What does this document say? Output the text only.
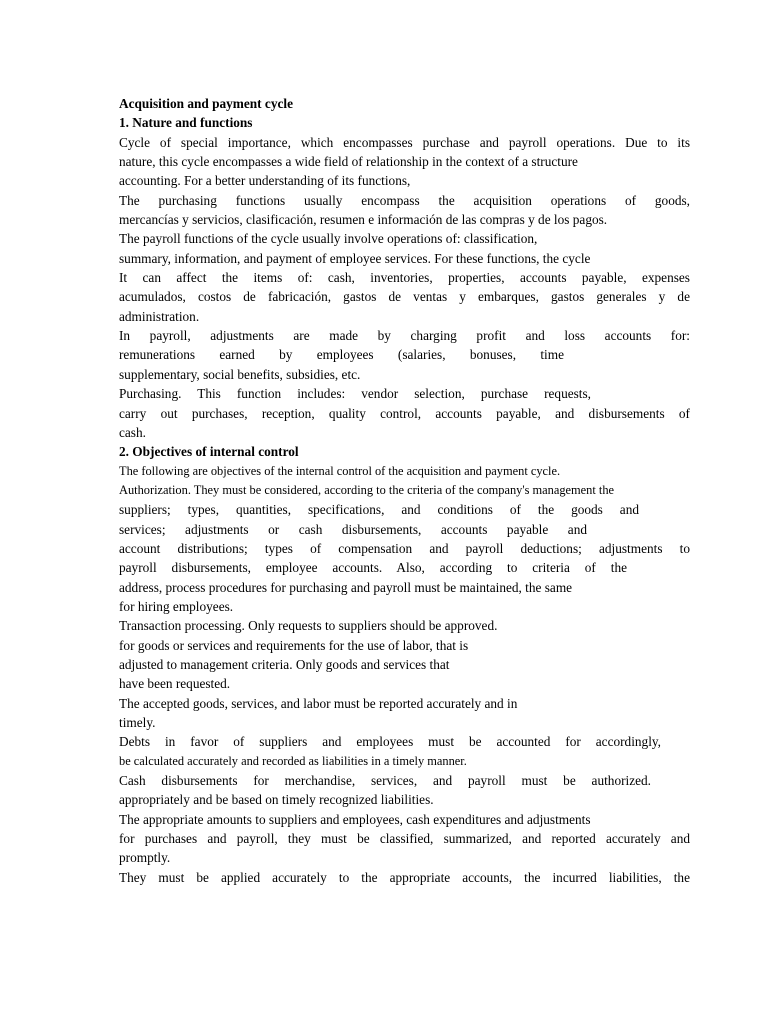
Acquisition and payment cycle
1. Nature and functions
Cycle of special importance, which encompasses purchase and payroll operations. Due to its
nature, this cycle encompasses a wide field of relationship in the context of a structure
accounting. For a better understanding of its functions,
The purchasing functions usually encompass the acquisition operations of goods,
mercancías y servicios, clasificación, resumen e información de las compras y de los pagos.
The payroll functions of the cycle usually involve operations of: classification,
summary, information, and payment of employee services. For these functions, the cycle
It can affect the items of: cash, inventories, properties, accounts payable, expenses
acumulados, costos de fabricación, gastos de ventas y embarques, gastos generales y de
administration.
In payroll, adjustments are made by charging profit and loss accounts for:
remunerations earned by employees (salaries, bonuses, time
supplementary, social benefits, subsidies, etc.
Purchasing. This function includes: vendor selection, purchase requests,
carry out purchases, reception, quality control, accounts payable, and disbursements of
cash.
2. Objectives of internal control
The following are objectives of the internal control of the acquisition and payment cycle.
Authorization. They must be considered, according to the criteria of the company's management the
suppliers; types, quantities, specifications, and conditions of the goods and
services; adjustments or cash disbursements, accounts payable and
account distributions; types of compensation and payroll deductions; adjustments to
payroll disbursements, employee accounts. Also, according to criteria of the
address, process procedures for purchasing and payroll must be maintained, the same
for hiring employees.
Transaction processing. Only requests to suppliers should be approved.
for goods or services and requirements for the use of labor, that is
adjusted to management criteria. Only goods and services that
have been requested.
The accepted goods, services, and labor must be reported accurately and in
timely.
Debts in favor of suppliers and employees must be accounted for accordingly,
be calculated accurately and recorded as liabilities in a timely manner.
Cash disbursements for merchandise, services, and payroll must be authorized.
appropriately and be based on timely recognized liabilities.
The appropriate amounts to suppliers and employees, cash expenditures and adjustments
for purchases and payroll, they must be classified, summarized, and reported accurately and
promptly.
They must be applied accurately to the appropriate accounts, the incurred liabilities, the
